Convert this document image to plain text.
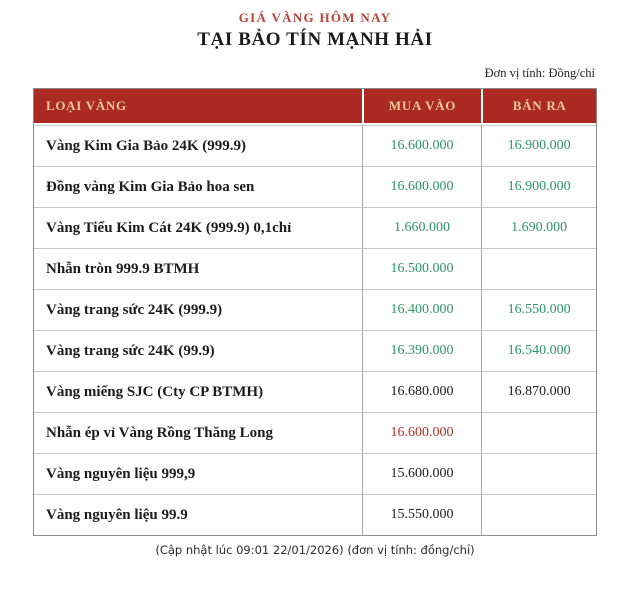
GIÁ VÀNG HÔM NAY
TẠI BẢO TÍN MẠNH HẢI
Đơn vị tính: Đồng/chỉ
LOẠI VÀNG	MUA VÀO	BÁN RA
Vàng Kim Gia Bảo 24K (999.9)	16.600.000	16.900.000
Đồng vàng Kim Gia Bảo hoa sen	16.600.000	16.900.000
Vàng Tiểu Kim Cát 24K (999.9) 0,1chỉ	1.660.000	1.690.000
Nhẫn tròn 999.9 BTMH	16.500.000	
Vàng trang sức 24K (999.9)	16.400.000	16.550.000
Vàng trang sức 24K (99.9)	16.390.000	16.540.000
Vàng miếng SJC (Cty CP BTMH)	16.680.000	16.870.000
Nhẫn ép vỉ Vàng Rồng Thăng Long	16.600.000	
Vàng nguyên liệu 999,9	15.600.000	
Vàng nguyên liệu 99.9	15.550.000	
(Cập nhật lúc 09:01 22/01/2026) (đơn vị tính: đồng/chỉ)
